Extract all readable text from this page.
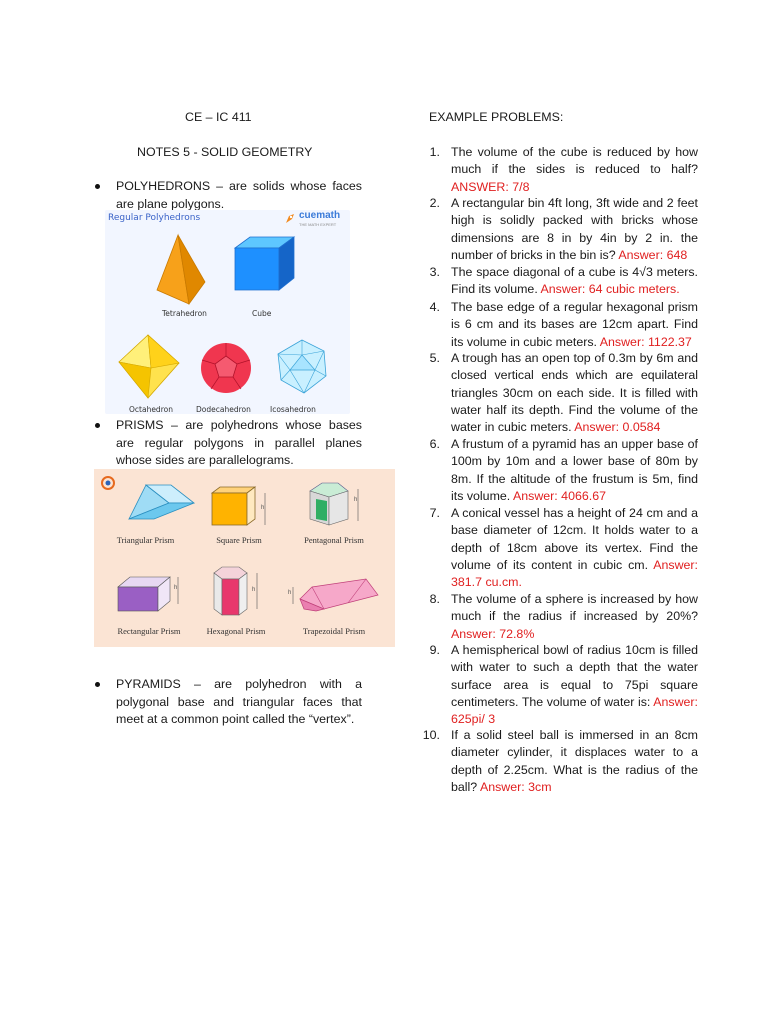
CE – IC 411
NOTES 5 - SOLID GEOMETRY
POLYHEDRONS – are solids whose faces are plane polygons.
Regular Polyhedrons	cuemath
THE MATH EXPERT
Tetrahedron	Cube
Octahedron	Dodecahedron	Icosahedron
PRISMS – are polyhedrons whose bases are regular polygons in parallel planes whose sides are parallelograms.
h
h
h	h	h
Triangular Prism	Square Prism	Pentagonal Prism
Rectangular Prism	Hexagonal Prism	Trapezoidal Prism
PYRAMIDS – are polyhedron with a polygonal base and triangular faces that meet at a common point called the “vertex”.
EXAMPLE PROBLEMS:
1. The volume of the cube is reduced by how much if the sides is reduced to half? ANSWER: 7/8
2. A rectangular bin 4ft long, 3ft wide and 2 feet high is solidly packed with bricks whose dimensions are 8 in by 4in by 2 in. the number of bricks in the bin is? Answer: 648
3. The space diagonal of a cube is 4√3 meters. Find its volume. Answer: 64 cubic meters.
4. The base edge of a regular hexagonal prism is 6 cm and its bases are 12cm apart. Find its volume in cubic meters. Answer: 1122.37
5. A trough has an open top of 0.3m by 6m and closed vertical ends which are equilateral triangles 30cm on each side. It is filled with water half its depth. Find the volume of the water in cubic meters. Answer: 0.0584
6. A frustum of a pyramid has an upper base of 100m by 10m and a lower base of 80m by 8m. If the altitude of the frustum is 5m, find its volume. Answer: 4066.67
7. A conical vessel has a height of 24 cm and a base diameter of 12cm. It holds water to a depth of 18cm above its vertex. Find the volume of its content in cubic cm. Answer: 381.7 cu.cm.
8. The volume of a sphere is increased by how much if the radius if increased by 20%? Answer: 72.8%
9. A hemispherical bowl of radius 10cm is filled with water to such a depth that the water surface area is equal to 75pi square centimeters. The volume of water is: Answer: 625pi/ 3
10. If a solid steel ball is immersed in an 8cm diameter cylinder, it displaces water to a depth of 2.25cm. What is the radius of the ball? Answer: 3cm
